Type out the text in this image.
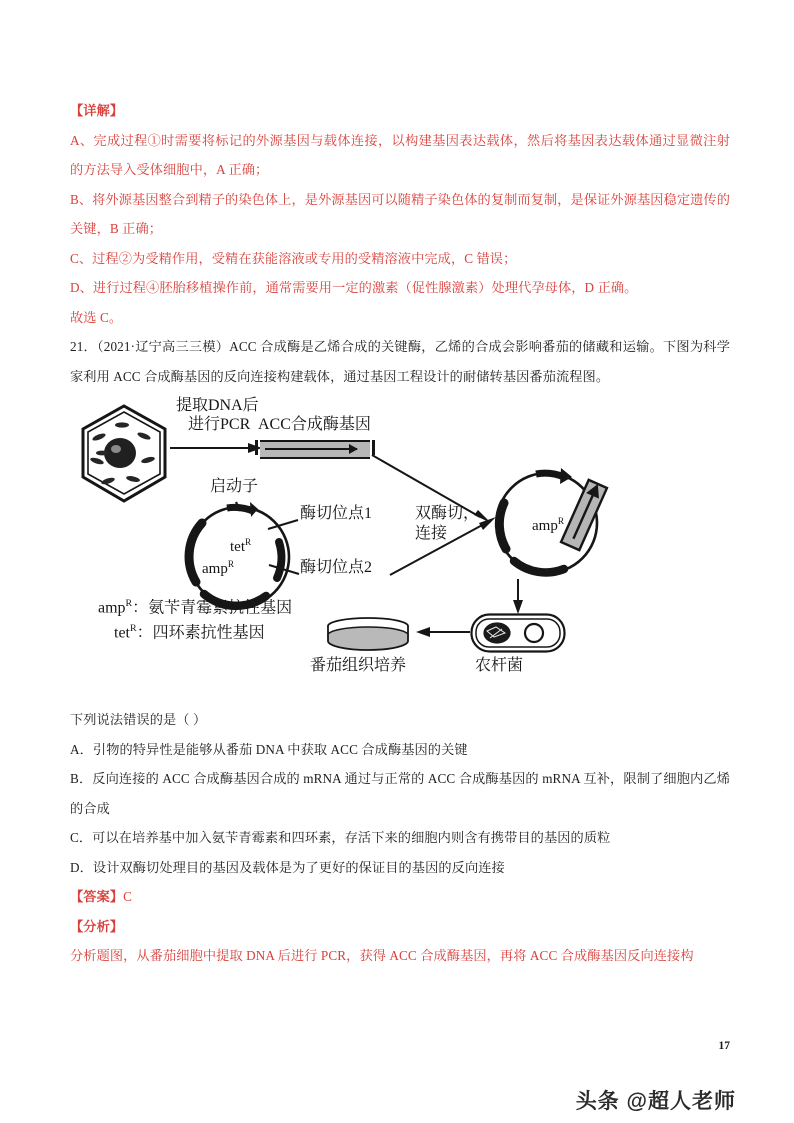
【详解】

A、完成过程①时需要将标记的外源基因与载体连接，以构建基因表达载体，然后将基因表达载体通过显微注射的方法导入受体细胞中，A 正确；

B、将外源基因整合到精子的染色体上，是外源基因可以随精子染色体的复制而复制，是保证外源基因稳定遗传的关键，B 正确；

C、过程②为受精作用，受精在获能溶液或专用的受精溶液中完成，C 错误；

D、进行过程④胚胎移植操作前，通常需要用一定的激素（促性腺激素）处理代孕母体，D 正确。

故选 C。

21．（2021·辽宁高三三模）ACC 合成酶是乙烯合成的关键酶，乙烯的合成会影响番茄的储藏和运输。下图为科学家利用 ACC 合成酶基因的反向连接构建载体，通过基因工程设计的耐储转基因番茄流程图。

提取DNA后
进行PCR ACC合成酶基因
tet$^R$
amp$^R$
启动子
酶切位点1
酶切位点2
双酶切，
连接	amp$^R$
amp$^R$：氨苄青霉素抗性基因
tet$^R$：四环素抗性基因
番茄组织培养	农杆菌

下列说法错误的是（ ）

A．引物的特异性是能够从番茄 DNA 中获取 ACC 合成酶基因的关键

B．反向连接的 ACC 合成酶基因合成的 mRNA 通过与正常的 ACC 合成酶基因的 mRNA 互补，限制了细胞内乙烯的合成

C．可以在培养基中加入氨苄青霉素和四环素，存活下来的细胞内则含有携带目的基因的质粒

D．设计双酶切处理目的基因及载体是为了更好的保证目的基因的反向连接

【答案】C

【分析】

分析题图，从番茄细胞中提取 DNA 后进行 PCR，获得 ACC 合成酶基因，再将 ACC 合成酶基因反向连接构

17
头条 @超人老师
